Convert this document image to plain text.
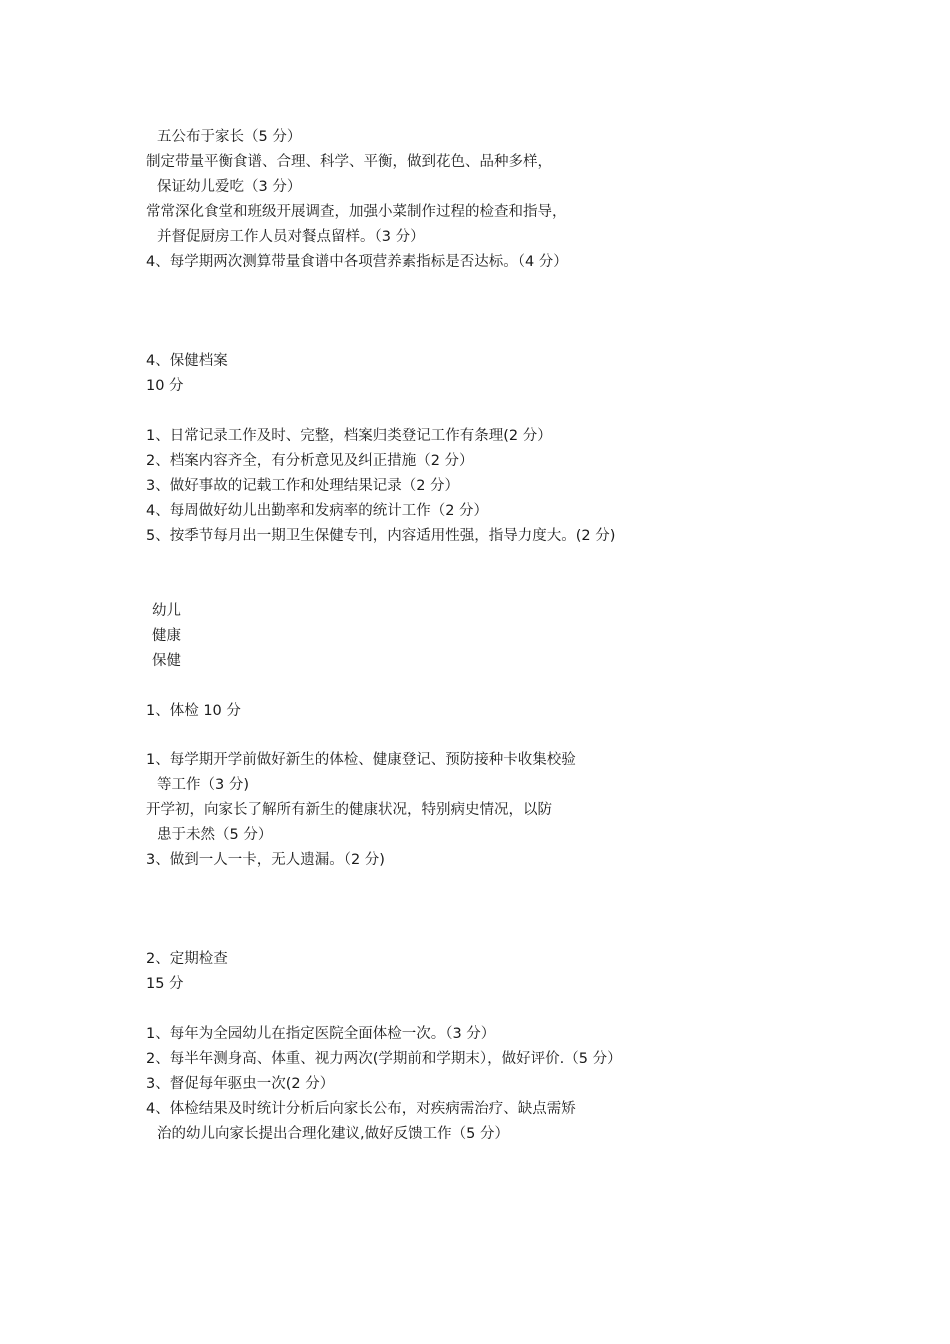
五公布于家长（5 分）

制定带量平衡食谱、合理、科学、平衡，做到花色、品种多样，

保证幼儿爱吃（3 分）

常常深化食堂和班级开展调查，加强小菜制作过程的检查和指导，

并督促厨房工作人员对餐点留样。（3 分）

4、每学期两次测算带量食谱中各项营养素指标是否达标。（4 分）

4、保健档案

10 分

1、日常记录工作及时、完整，档案归类登记工作有条理(2 分）

2、档案内容齐全，有分析意见及纠正措施（2 分）

3、做好事故的记载工作和处理结果记录（2 分）

4、每周做好幼儿出勤率和发病率的统计工作（2 分）

5、按季节每月出一期卫生保健专刊，内容适用性强，指导力度大。(2 分)

幼儿

健康

保健

1、体检 10 分

1、每学期开学前做好新生的体检、健康登记、预防接种卡收集校验

等工作（3 分)

开学初，向家长了解所有新生的健康状况，特别病史情况，以防

患于未然（5 分）

3、做到一人一卡，无人遗漏。（2 分)

2、定期检查

15 分

1、每年为全园幼儿在指定医院全面体检一次。（3 分）

2、每半年测身高、体重、视力两次(学期前和学期末），做好评价.（5 分）

3、督促每年驱虫一次(2 分）

4、体检结果及时统计分析后向家长公布，对疾病需治疗、缺点需矫

治的幼儿向家长提出合理化建议,做好反馈工作（5 分）
